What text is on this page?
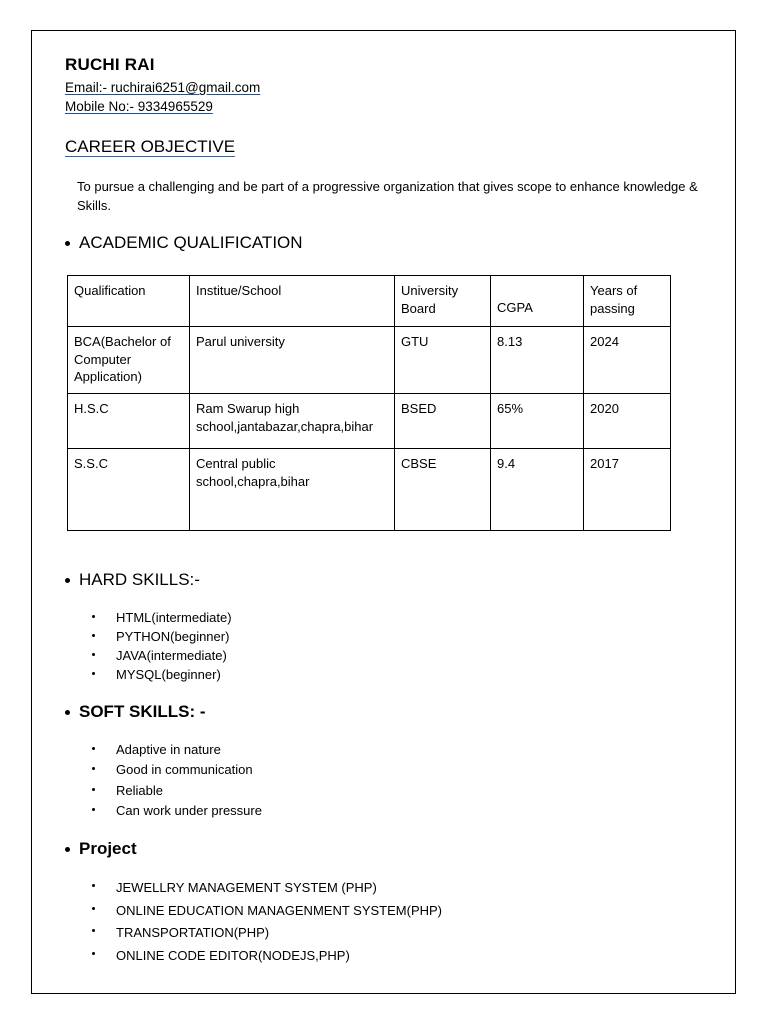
RUCHI RAI
Email:- ruchirai6251@gmail.com
Mobile No:- 9334965529
CAREER OBJECTIVE
To pursue a challenging and be part of a progressive organization that gives scope to enhance knowledge & Skills.
ACADEMIC QUALIFICATION
Qualification	Institue/School	University Board	CGPA	Years of passing
BCA(Bachelor of Computer Application)	Parul university	GTU	8.13	2024
H.S.C	Ram Swarup high school,jantabazar,chapra,bihar	BSED	65%	2020
S.S.C	Central public school,chapra,bihar	CBSE	9.4	2017
HARD SKILLS:-
HTML(intermediate)
PYTHON(beginner)
JAVA(intermediate)
MYSQL(beginner)
SOFT SKILLS: -
Adaptive in nature
Good in communication
Reliable
Can work under pressure
Project
JEWELLRY MANAGEMENT SYSTEM (PHP)
ONLINE EDUCATION MANAGENMENT SYSTEM(PHP)
TRANSPORTATION(PHP)
ONLINE CODE EDITOR(NODEJS,PHP)
